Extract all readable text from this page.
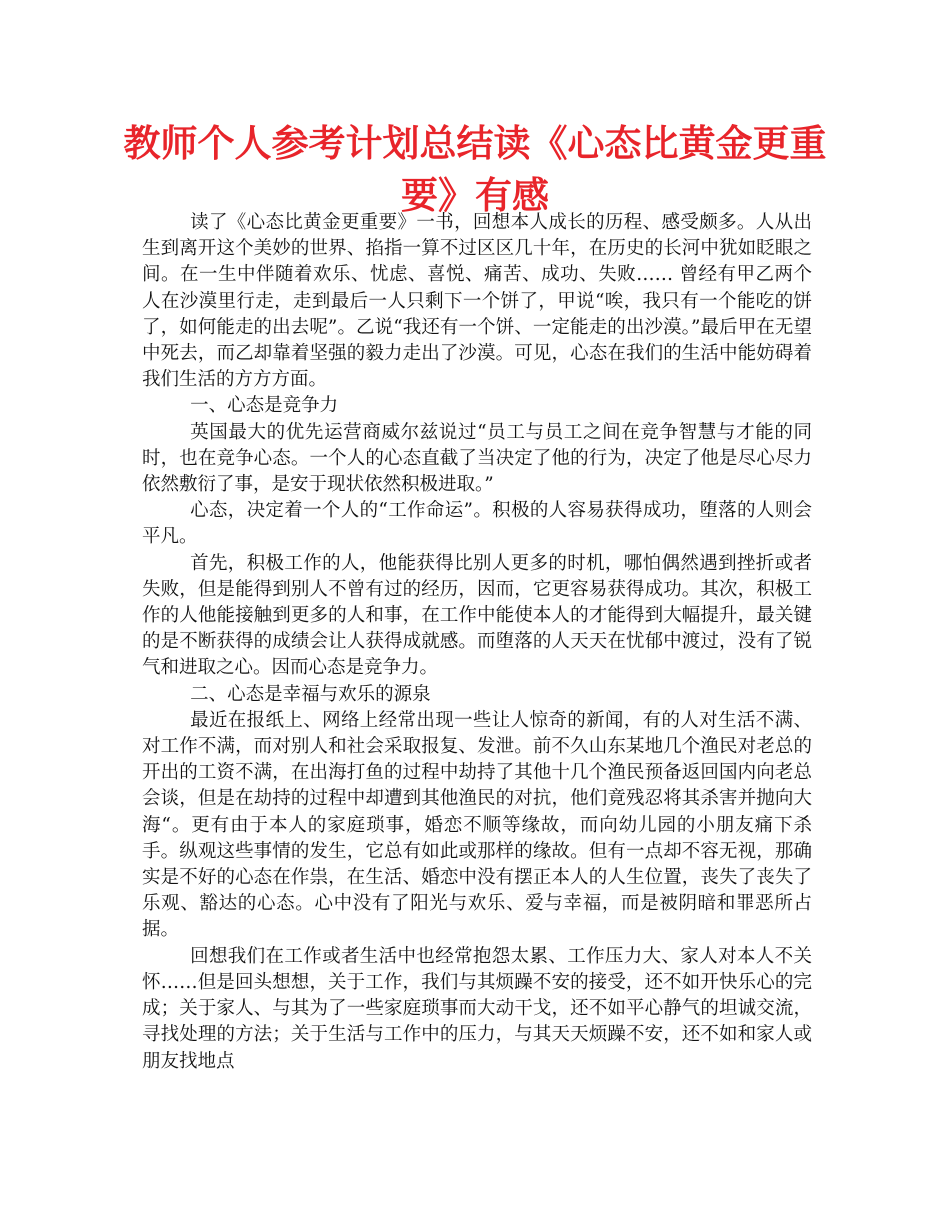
教师个人参考计划总结读《心态比黄金更重要》有感

读了《心态比黄金更重要》一书，回想本人成长的历程、感受颇多。人从出生到离开这个美妙的世界、掐指一算不过区区几十年，在历史的长河中犹如眨眼之间。在一生中伴随着欢乐、忧虑、喜悦、痛苦、成功、失败…… 曾经有甲乙两个人在沙漠里行走，走到最后一人只剩下一个饼了，甲说“唉，我只有一个能吃的饼了，如何能走的出去呢”。乙说“我还有一个饼、一定能走的出沙漠。”最后甲在无望中死去，而乙却靠着坚强的毅力走出了沙漠。可见，心态在我们的生活中能妨碍着我们生活的方方方面。

一、心态是竞争力

英国最大的优先运营商威尔兹说过“员工与员工之间在竞争智慧与才能的同时，也在竞争心态。一个人的心态直截了当决定了他的行为，决定了他是尽心尽力依然敷衍了事，是安于现状依然积极进取。”

心态，决定着一个人的“工作命运”。积极的人容易获得成功，堕落的人则会平凡。

首先，积极工作的人，他能获得比别人更多的时机，哪怕偶然遇到挫折或者失败，但是能得到别人不曾有过的经历，因而，它更容易获得成功。其次，积极工作的人他能接触到更多的人和事，在工作中能使本人的才能得到大幅提升，最关键的是不断获得的成绩会让人获得成就感。而堕落的人天天在忧郁中渡过，没有了锐气和进取之心。因而心态是竞争力。

二、心态是幸福与欢乐的源泉

最近在报纸上、网络上经常出现一些让人惊奇的新闻，有的人对生活不满、对工作不满，而对别人和社会采取报复、发泄。前不久山东某地几个渔民对老总的开出的工资不满，在出海打鱼的过程中劫持了其他十几个渔民预备返回国内向老总会谈，但是在劫持的过程中却遭到其他渔民的对抗，他们竟残忍将其杀害并抛向大海“。更有由于本人的家庭琐事，婚恋不顺等缘故，而向幼儿园的小朋友痛下杀手。纵观这些事情的发生，它总有如此或那样的缘故。但有一点却不容无视，那确实是不好的心态在作祟，在生活、婚恋中没有摆正本人的人生位置，丧失了丧失了乐观、豁达的心态。心中没有了阳光与欢乐、爱与幸福，而是被阴暗和罪恶所占据。

回想我们在工作或者生活中也经常抱怨太累、工作压力大、家人对本人不关怀……但是回头想想，关于工作，我们与其烦躁不安的接受，还不如开快乐心的完成；关于家人、与其为了一些家庭琐事而大动干戈，还不如平心静气的坦诚交流，寻找处理的方法；关于生活与工作中的压力，与其天天烦躁不安，还不如和家人或朋友找地点
